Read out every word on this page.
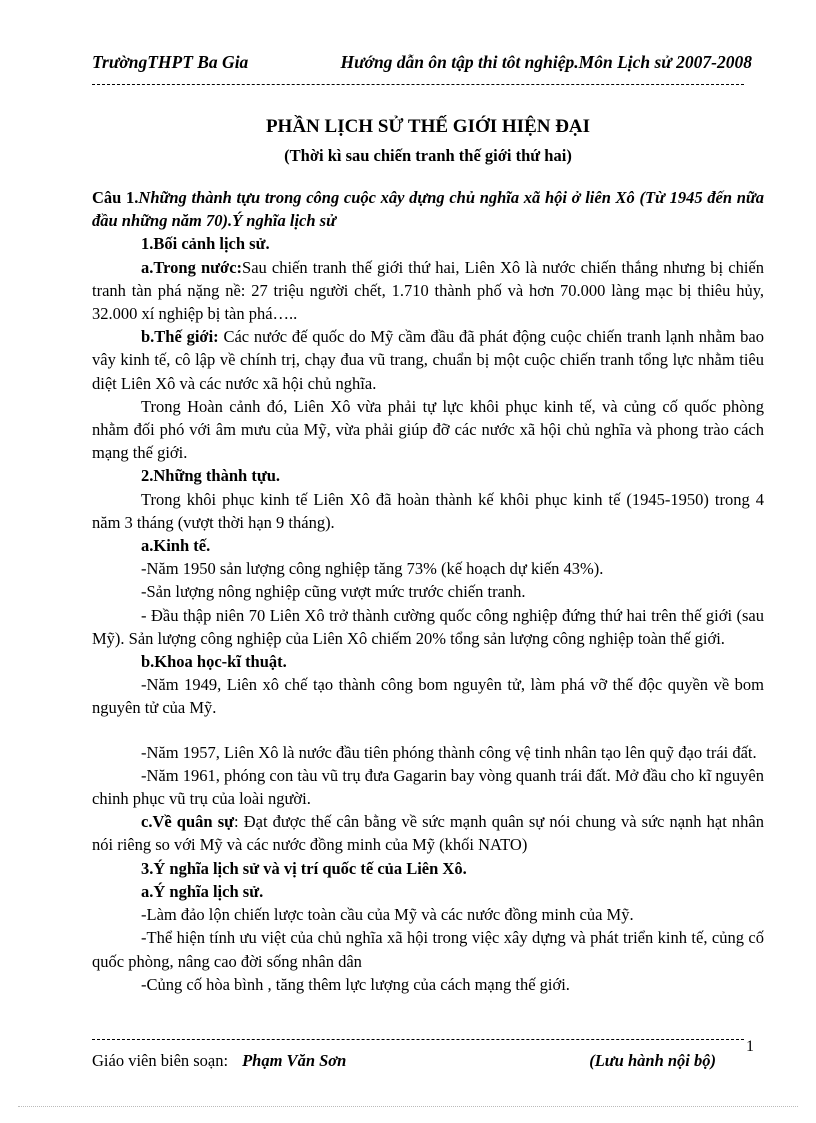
TrườngTHPT Ba Gia	Hướng dẫn ôn tập thi tôt nghiệp.Môn Lịch sử 2007-2008
PHẦN LỊCH SỬ THẾ GIỚI HIỆN ĐẠI
(Thời kì sau chiến tranh thế giới thứ hai)

Câu 1.Những thành tựu trong công cuộc xây dựng chủ nghĩa xã hội ở liên Xô (Từ 1945 đến nữa đầu những năm 70).Ý nghĩa lịch sử

1.Bối cảnh lịch sử.

a.Trong nước:Sau chiến tranh thế giới thứ hai, Liên Xô là nước chiến thắng nhưng bị chiến tranh tàn phá nặng nề: 27 triệu người chết, 1.710 thành phố và hơn 70.000 làng mạc bị thiêu hủy, 32.000 xí nghiệp bị tàn phá…..

b.Thế giới: Các nước đế quốc do Mỹ cầm đầu đã phát động cuộc chiến tranh lạnh nhằm bao vây kinh tế, cô lập về chính trị, chạy đua vũ trang, chuẩn bị một cuộc chiến tranh tổng lực nhằm tiêu diệt Liên Xô và các nước xã hội chủ nghĩa.

Trong Hoàn cảnh đó, Liên Xô vừa phải tự lực khôi phục kinh tế, và củng cố quốc phòng nhằm đối phó với âm mưu của Mỹ, vừa phải giúp đỡ các nước xã hội chủ nghĩa và phong trào cách mạng thế giới.

2.Những thành tựu.

Trong khôi phục kinh tế Liên Xô đã hoàn thành kế khôi phục kinh tế (1945-1950) trong 4 năm 3 tháng (vượt thời hạn 9 tháng).

a.Kinh tế.

-Năm 1950 sản lượng công nghiệp tăng 73% (kế hoạch dự kiến 43%).

-Sản lượng nông nghiệp cũng vượt mức trước chiến tranh.

- Đầu thập niên 70 Liên Xô trở thành cường quốc công nghiệp đứng thứ hai trên thế giới (sau Mỹ). Sản lượng công nghiệp của Liên Xô chiếm 20% tổng sản lượng công nghiệp toàn thế giới.

b.Khoa học-kĩ thuật.

-Năm 1949, Liên xô chế tạo thành công bom nguyên tử, làm phá vỡ thế độc quyền về bom nguyên tử của Mỹ.

-Năm 1957, Liên Xô là nước đầu tiên phóng thành công vệ tinh nhân tạo lên quỹ đạo trái đất.

-Năm 1961, phóng con tàu vũ trụ đưa Gagarin bay vòng quanh trái đất. Mở đầu cho kĩ nguyên chinh phục vũ trụ của loài người.

c.Về quân sự: Đạt được thế cân bằng về sức mạnh quân sự nói chung và sức nạnh hạt nhân nói riêng so với Mỹ và các nước đồng minh của Mỹ (khối NATO)

3.Ý nghĩa lịch sử và vị trí quốc tế của Liên Xô.

a.Ý nghĩa lịch sử.

-Làm đảo lộn chiến lược toàn cầu của Mỹ và các nước đồng minh của Mỹ.

-Thể hiện tính ưu việt của chủ nghĩa xã hội trong việc xây dựng và phát triển kinh tế, củng cố quốc phòng, nâng cao đời sống nhân dân

-Củng cố hòa bình , tăng thêm lực lượng của cách mạng thế giới.

1
Giáo viên biên soạn: Phạm Văn Sơn	(Lưu hành nội bộ)
